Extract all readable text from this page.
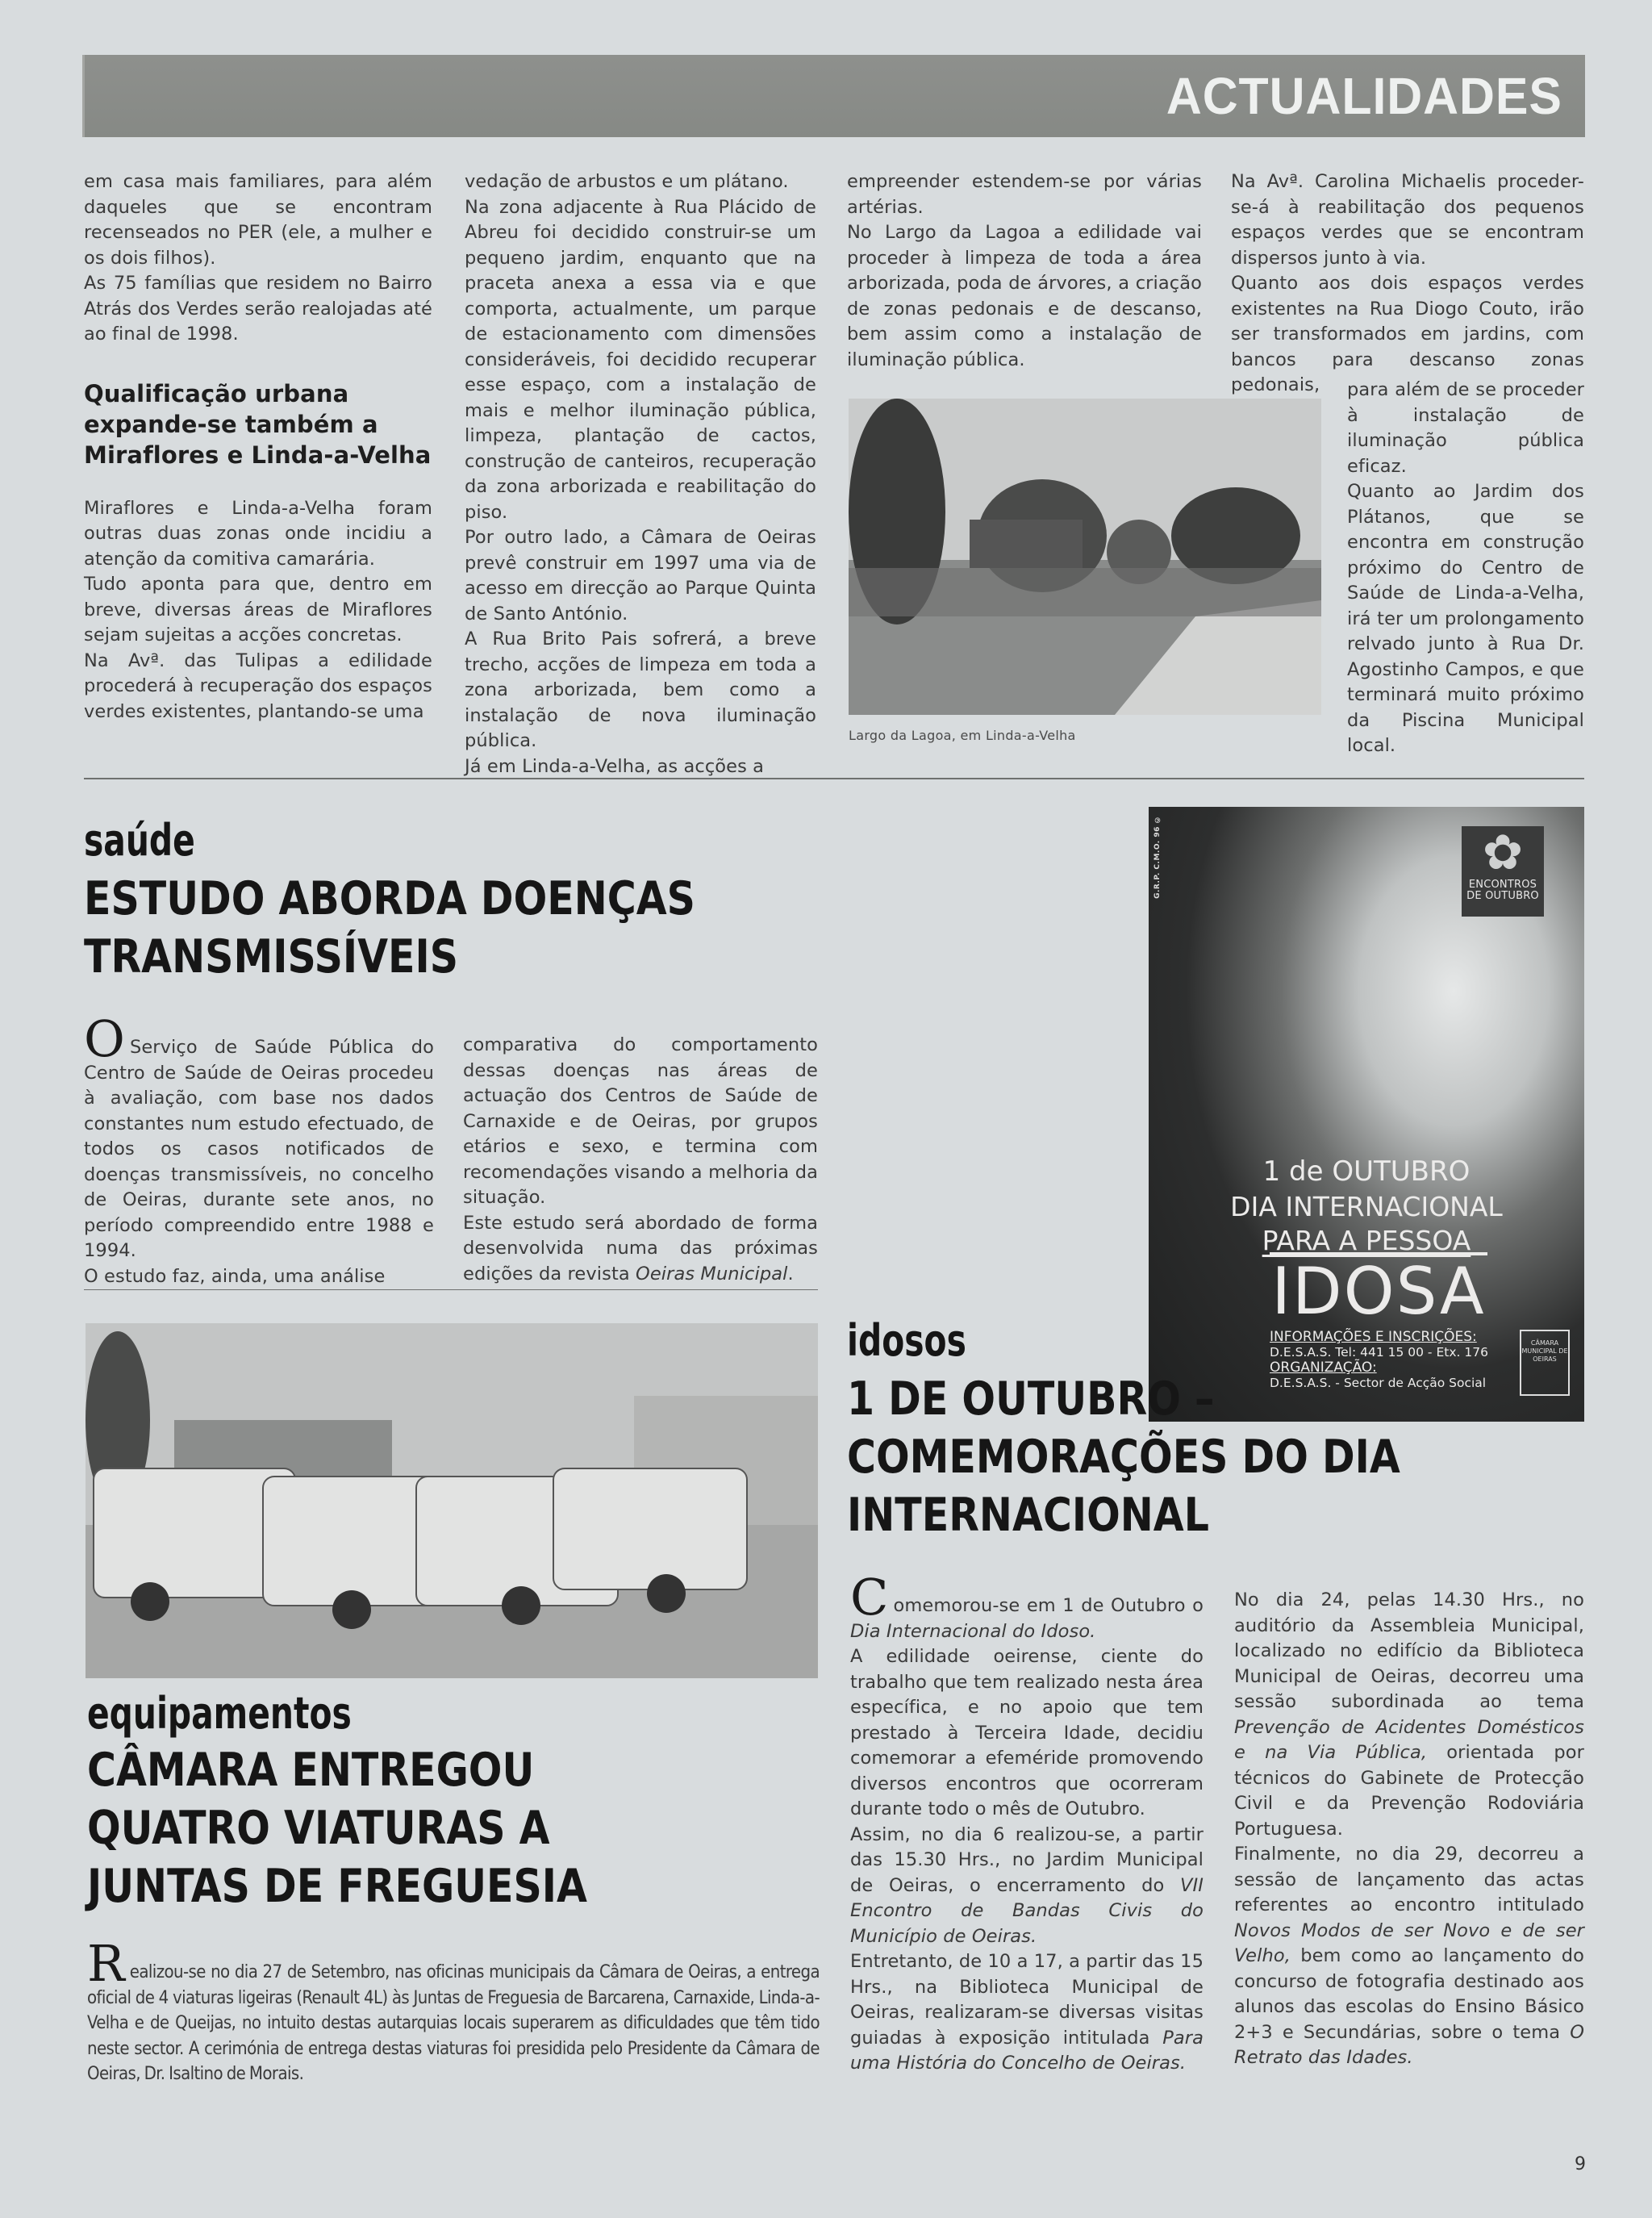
ACTUALIDADES

em casa mais familiares, para além daqueles que se encontram recenseados no PER (ele, a mulher e os dois filhos).

As 75 famílias que residem no Bairro Atrás dos Verdes serão realojadas até ao final de 1998.

Qualificação urbana expande-se também a Miraflores e Linda-a-Velha

Miraflores e Linda-a-Velha foram outras duas zonas onde incidiu a atenção da comitiva camarária.

Tudo aponta para que, dentro em breve, diversas áreas de Miraflores sejam sujeitas a acções concretas.

Na Avª. das Tulipas a edilidade procederá à recuperação dos espaços verdes existentes, plantando-se uma

vedação de arbustos e um plátano.

Na zona adjacente à Rua Plácido de Abreu foi decidido construir-se um pequeno jardim, enquanto que na praceta anexa a essa via e que comporta, actualmente, um parque de estacionamento com dimensões consideráveis, foi decidido recuperar esse espaço, com a instalação de mais e melhor iluminação pública, limpeza, plantação de cactos, construção de canteiros, recuperação da zona arborizada e reabilitação do piso.

Por outro lado, a Câmara de Oeiras prevê construir em 1997 uma via de acesso em direcção ao Parque Quinta de Santo António.

A Rua Brito Pais sofrerá, a breve trecho, acções de limpeza em toda a zona arborizada, bem como a instalação de nova iluminação pública.

Já em Linda-a-Velha, as acções a

empreender estendem-se por várias artérias.

No Largo da Lagoa a edilidade vai proceder à limpeza de toda a área arborizada, poda de árvores, a criação de zonas pedonais e de descanso, bem assim como a instalação de iluminação pública.

Largo da Lagoa, em Linda-a-Velha

Na Avª. Carolina Michaelis proceder-se-á à reabilitação dos pequenos espaços verdes que se encontram dispersos junto à via.

Quanto aos dois espaços verdes existentes na Rua Diogo Couto, irão ser transformados em jardins, com bancos para descanso zonas pedonais,	para além de se proceder à instalação de iluminação pública eficaz.

Quanto ao Jardim dos Plátanos, que se encontra em construção próximo do Centro de Saúde de Linda-a-Velha, irá ter um prolongamento relvado junto à Rua Dr. Agostinho Campos, e que terminará muito próximo da Piscina Municipal local.

saúde
ESTUDO ABORDA DOENÇAS
TRANSMISSÍVEIS

O Serviço de Saúde Pública do Centro de Saúde de Oeiras procedeu à avaliação, com base nos dados constantes num estudo efectuado, de todos os casos notificados de doenças transmissíveis, no concelho de Oeiras, durante sete anos, no período compreendido entre 1988 e 1994.

O estudo faz, ainda, uma análise

comparativa do comportamento dessas doenças nas áreas de actuação dos Centros de Saúde de Carnaxide e de Oeiras, por grupos etários e sexo, e termina com recomendações visando a melhoria da situação.

Este estudo será abordado de forma desenvolvida numa das próximas edições da revista Oeiras Municipal.

G.R.P. C.M.O. 96 ©	✿
ENCONTROS
DE OUTUBRO
1 de OUTUBRO
DIA INTERNACIONAL
PARA A PESSOA
IDOSA
INFORMAÇÕES E INSCRIÇÕES:
D.E.S.A.S. Tel: 441 15 00 - Etx. 176
ORGANIZAÇÃO:
D.E.S.A.S. - Sector de Acção Social
CÂMARA MUNICIPAL DE OEIRAS
equipamentos
CÂMARA ENTREGOU
QUATRO VIATURAS A
JUNTAS DE FREGUESIA

Realizou-se no dia 27 de Setembro, nas oficinas municipais da Câmara de Oeiras, a entrega oficial de 4 viaturas ligeiras (Renault 4L) às Juntas de Freguesia de Barcarena, Carnaxide, Linda-a-Velha e de Queijas, no intuito destas autarquias locais superarem as dificuldades que têm tido neste sector. A cerimónia de entrega destas viaturas foi presidida pelo Presidente da Câmara de Oeiras, Dr. Isaltino de Morais.

idosos
1 DE OUTUBRO –
COMEMORAÇÕES DO DIA
INTERNACIONAL

Comemorou-se em 1 de Outubro o Dia Internacional do Idoso.

A edilidade oeirense, ciente do trabalho que tem realizado nesta área específica, e no apoio que tem prestado à Terceira Idade, decidiu comemorar a efeméride promovendo diversos encontros que ocorreram durante todo o mês de Outubro.

Assim, no dia 6 realizou-se, a partir das 15.30 Hrs., no Jardim Municipal de Oeiras, o encerramento do VII Encontro de Bandas Civis do Município de Oeiras.

Entretanto, de 10 a 17, a partir das 15 Hrs., na Biblioteca Municipal de Oeiras, realizaram-se diversas visitas guiadas à exposição intitulada Para uma História do Concelho de Oeiras.

No dia 24, pelas 14.30 Hrs., no auditório da Assembleia Municipal, localizado no edifício da Biblioteca Municipal de Oeiras, decorreu uma sessão subordinada ao tema Prevenção de Acidentes Domésticos e na Via Pública, orientada por técnicos do Gabinete de Protecção Civil e da Prevenção Rodoviária Portuguesa.

Finalmente, no dia 29, decorreu a sessão de lançamento das actas referentes ao encontro intitulado Novos Modos de ser Novo e de ser Velho, bem como ao lançamento do concurso de fotografia destinado aos alunos das escolas do Ensino Básico 2+3 e Secundárias, sobre o tema O Retrato das Idades.

9
